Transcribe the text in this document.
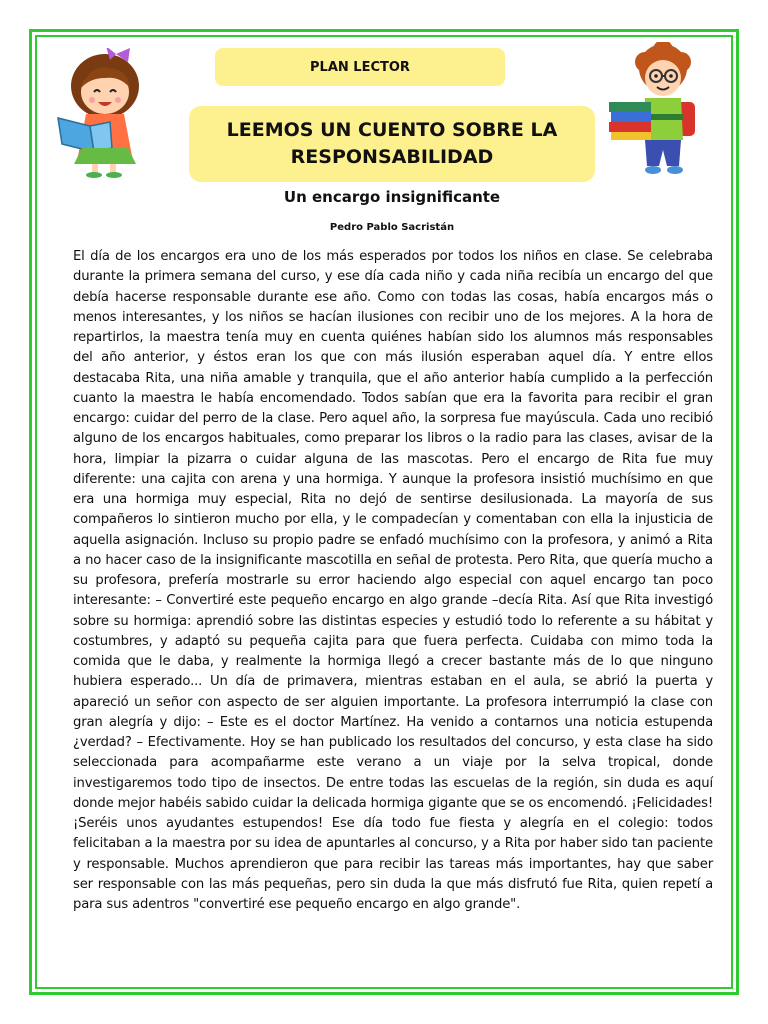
PLAN LECTOR
LEEMOS UN CUENTO SOBRE LA
RESPONSABILIDAD
Un encargo insignificante
Pedro Pablo Sacristán
El día de los encargos era uno de los más esperados por todos los niños en clase. Se celebraba durante la primera semana del curso, y ese día cada niño y cada niña recibía un encargo del que debía hacerse responsable durante ese año. Como con todas las cosas, había encargos más o menos interesantes, y los niños se hacían ilusiones con recibir uno de los mejores. A la hora de repartirlos, la maestra tenía muy en cuenta quiénes habían sido los alumnos más responsables del año anterior, y éstos eran los que con más ilusión esperaban aquel día. Y entre ellos destacaba Rita, una niña amable y tranquila, que el año anterior había cumplido a la perfección cuanto la maestra le había encomendado. Todos sabían que era la favorita para recibir el gran encargo: cuidar del perro de la clase. Pero aquel año, la sorpresa fue mayúscula. Cada uno recibió alguno de los encargos habituales, como preparar los libros o la radio para las clases, avisar de la hora, limpiar la pizarra o cuidar alguna de las mascotas. Pero el encargo de Rita fue muy diferente: una cajita con arena y una hormiga. Y aunque la profesora insistió muchísimo en que era una hormiga muy especial, Rita no dejó de sentirse desilusionada. La mayoría de sus compañeros lo sintieron mucho por ella, y le compadecían y comentaban con ella la injusticia de aquella asignación. Incluso su propio padre se enfadó muchísimo con la profesora, y animó a Rita a no hacer caso de la insignificante mascotilla en señal de protesta. Pero Rita, que quería mucho a su profesora, prefería mostrarle su error haciendo algo especial con aquel encargo tan poco interesante: – Convertiré este pequeño encargo en algo grande –decía Rita. Así que Rita investigó sobre su hormiga: aprendió sobre las distintas especies y estudió todo lo referente a su hábitat y costumbres, y adaptó su pequeña cajita para que fuera perfecta. Cuidaba con mimo toda la comida que le daba, y realmente la hormiga llegó a crecer bastante más de lo que ninguno hubiera esperado... Un día de primavera, mientras estaban en el aula, se abrió la puerta y apareció un señor con aspecto de ser alguien importante. La profesora interrumpió la clase con gran alegría y dijo: – Este es el doctor Martínez. Ha venido a contarnos una noticia estupenda ¿verdad? – Efectivamente. Hoy se han publicado los resultados del concurso, y esta clase ha sido seleccionada para acompañarme este verano a un viaje por la selva tropical, donde investigaremos todo tipo de insectos. De entre todas las escuelas de la región, sin duda es aquí donde mejor habéis sabido cuidar la delicada hormiga gigante que se os encomendó. ¡Felicidades! ¡Seréis unos ayudantes estupendos! Ese día todo fue fiesta y alegría en el colegio: todos felicitaban a la maestra por su idea de apuntarles al concurso, y a Rita por haber sido tan paciente y responsable. Muchos aprendieron que para recibir las tareas más importantes, hay que saber ser responsable con las más pequeñas, pero sin duda la que más disfrutó fue Rita, quien repetí a para sus adentros "convertiré ese pequeño encargo en algo grande".
